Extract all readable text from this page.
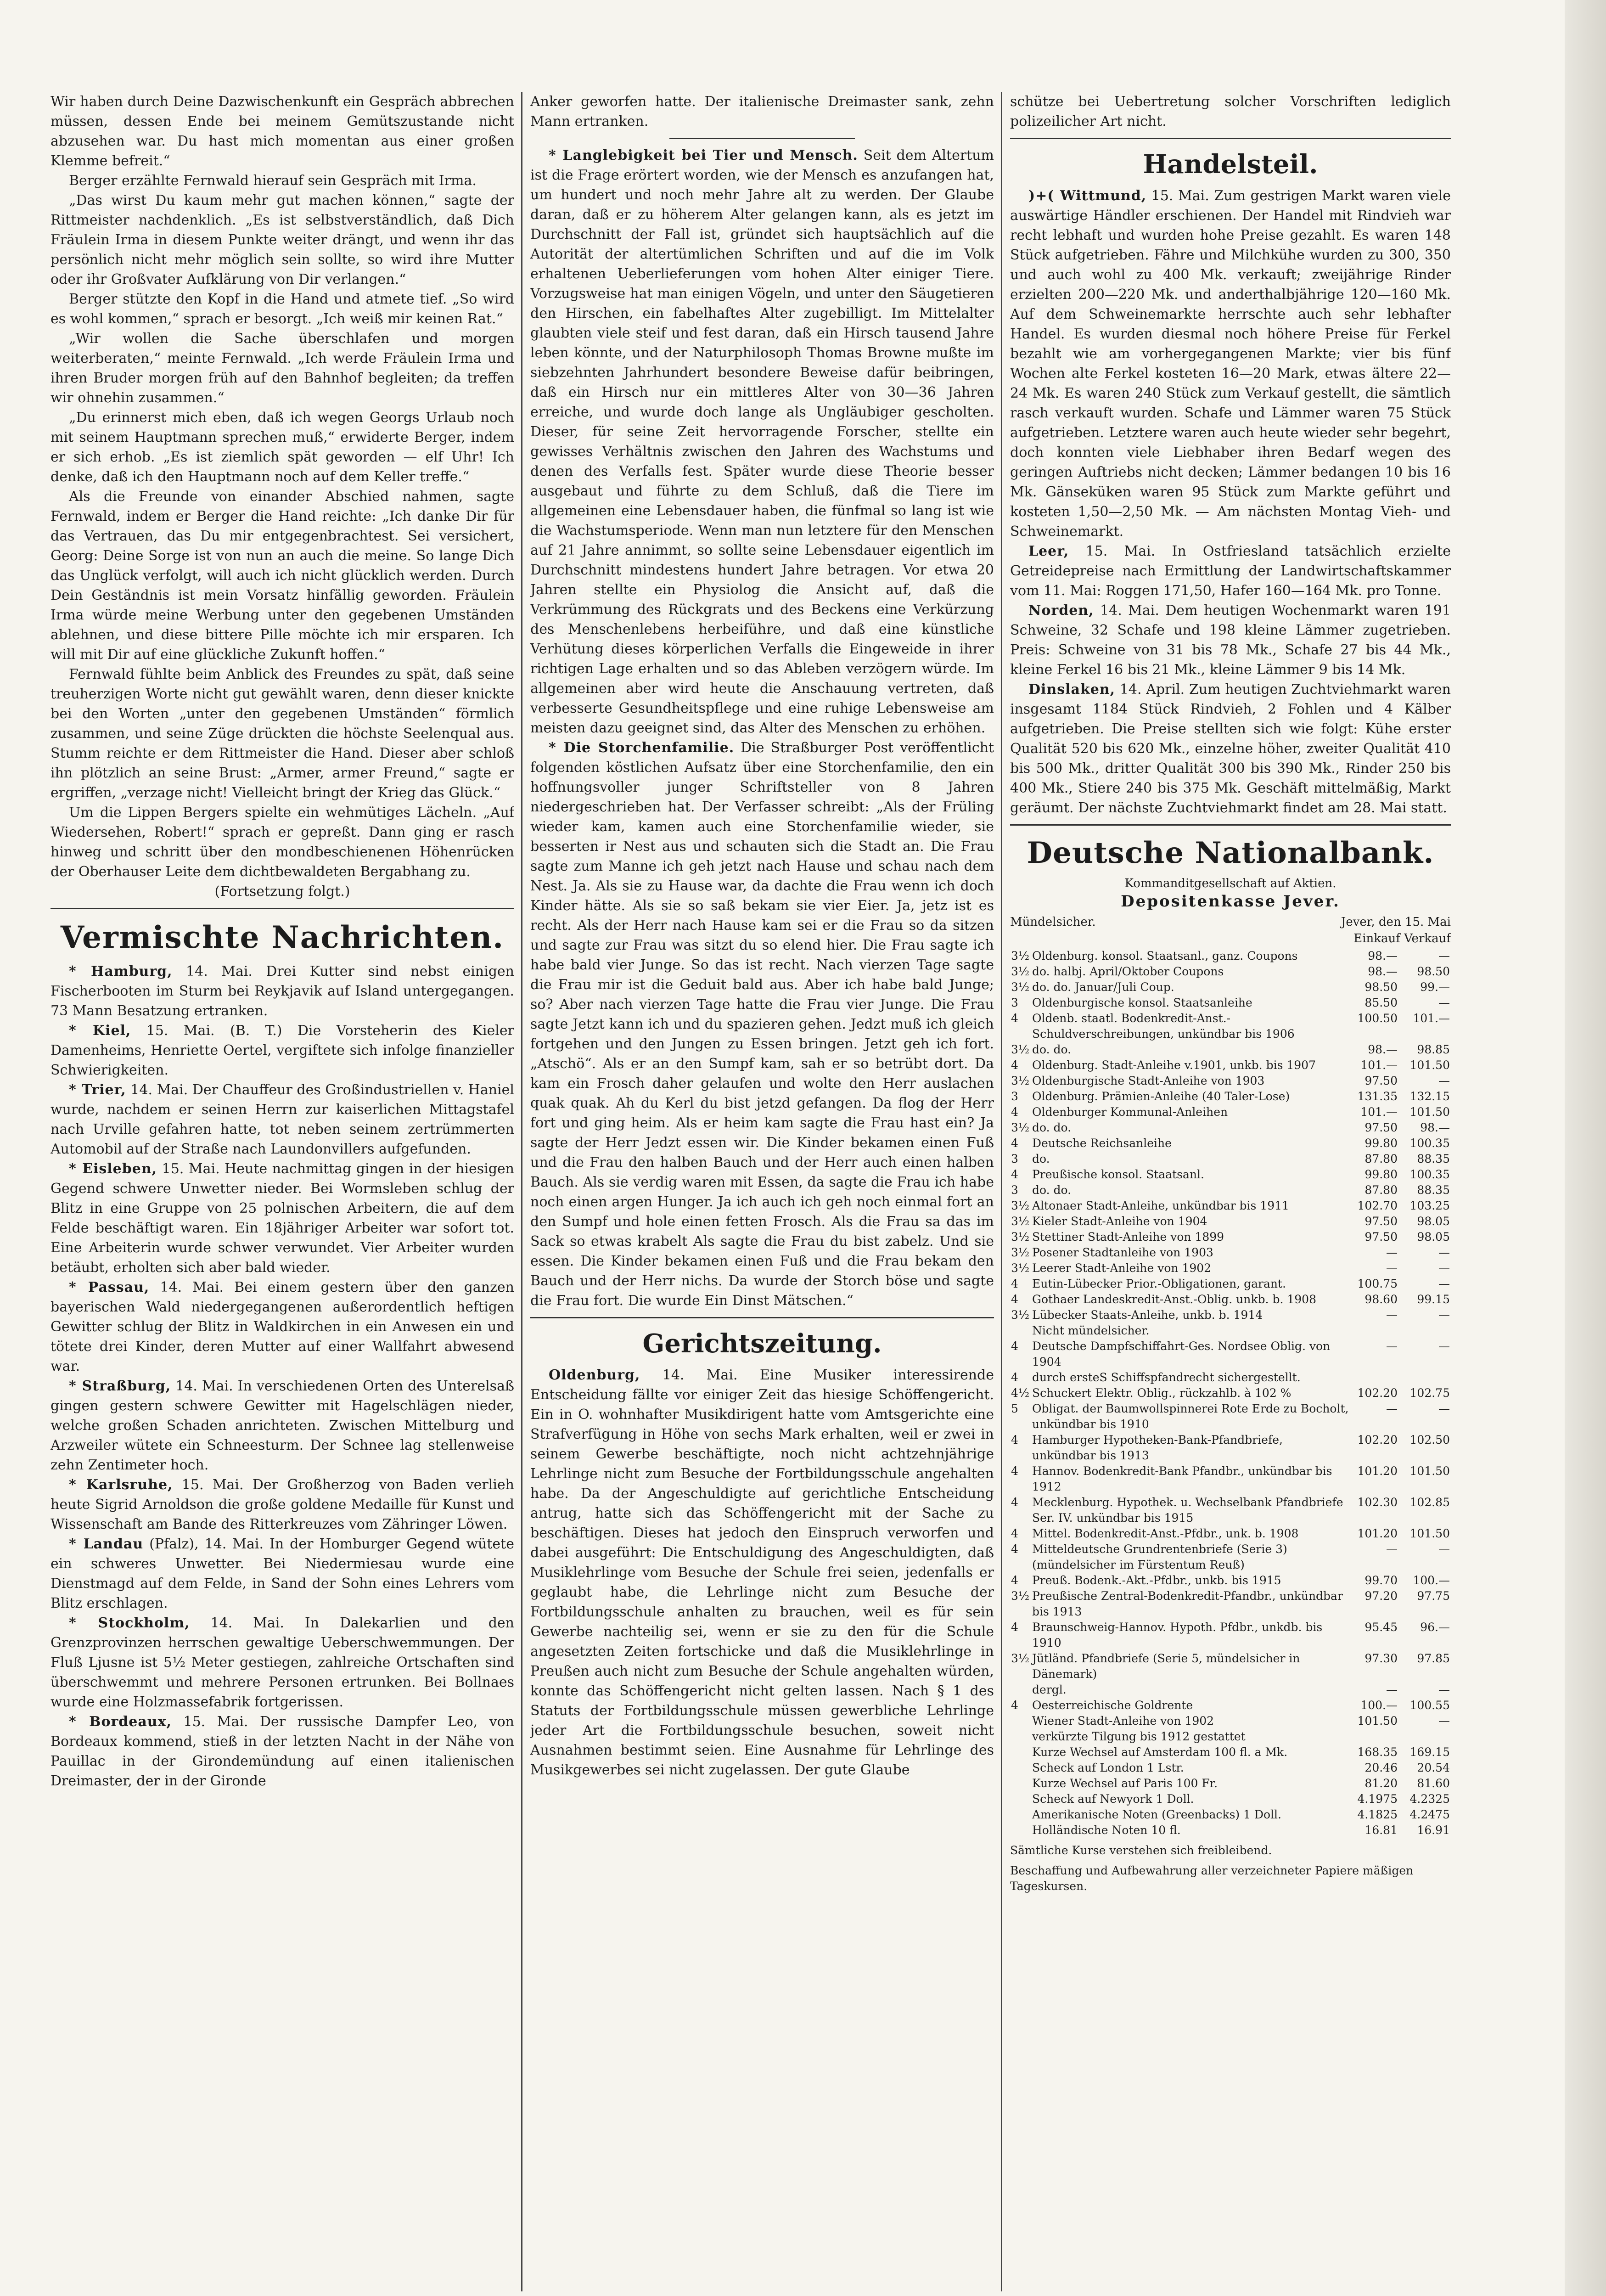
Wir haben durch Deine Dazwischenkunft ein Gespräch abbrechen müssen, dessen Ende bei meinem Gemütszustande nicht abzusehen war. Du hast mich momentan aus einer großen Klemme befreit.“

Berger erzählte Fernwald hierauf sein Gespräch mit Irma.

„Das wirst Du kaum mehr gut machen können,“ sagte der Rittmeister nachdenklich. „Es ist selbstverständlich, daß Dich Fräulein Irma in diesem Punkte weiter drängt, und wenn ihr das persönlich nicht mehr möglich sein sollte, so wird ihre Mutter oder ihr Großvater Aufklärung von Dir verlangen.“

Berger stützte den Kopf in die Hand und atmete tief. „So wird es wohl kommen,“ sprach er besorgt. „Ich weiß mir keinen Rat.“

„Wir wollen die Sache überschlafen und morgen weiterberaten,“ meinte Fernwald. „Ich werde Fräulein Irma und ihren Bruder morgen früh auf den Bahnhof begleiten; da treffen wir ohnehin zusammen.“

„Du erinnerst mich eben, daß ich wegen Georgs Urlaub noch mit seinem Hauptmann sprechen muß,“ erwiderte Berger, indem er sich erhob. „Es ist ziemlich spät geworden — elf Uhr! Ich denke, daß ich den Hauptmann noch auf dem Keller treffe.“

Als die Freunde von einander Abschied nahmen, sagte Fernwald, indem er Berger die Hand reichte: „Ich danke Dir für das Vertrauen, das Du mir entgegenbrachtest. Sei versichert, Georg: Deine Sorge ist von nun an auch die meine. So lange Dich das Unglück verfolgt, will auch ich nicht glücklich werden. Durch Dein Geständnis ist mein Vorsatz hinfällig geworden. Fräulein Irma würde meine Werbung unter den gegebenen Umständen ablehnen, und diese bittere Pille möchte ich mir ersparen. Ich will mit Dir auf eine glückliche Zukunft hoffen.“

Fernwald fühlte beim Anblick des Freundes zu spät, daß seine treuherzigen Worte nicht gut gewählt waren, denn dieser knickte bei den Worten „unter den gegebenen Umständen“ förmlich zusammen, und seine Züge drückten die höchste Seelenqual aus. Stumm reichte er dem Rittmeister die Hand. Dieser aber schloß ihn plötzlich an seine Brust: „Armer, armer Freund,“ sagte er ergriffen, „verzage nicht! Vielleicht bringt der Krieg das Glück.“

Um die Lippen Bergers spielte ein wehmütiges Lächeln. „Auf Wiedersehen, Robert!“ sprach er gepreßt. Dann ging er rasch hinweg und schritt über den mondbeschienenen Höhenrücken der Oberhauser Leite dem dichtbewaldeten Bergabhang zu.

(Fortsetzung folgt.)

Vermischte Nachrichten.

* Hamburg, 14. Mai. Drei Kutter sind nebst einigen Fischerbooten im Sturm bei Reykjavik auf Island untergegangen. 73 Mann Besatzung ertranken.

* Kiel, 15. Mai. (B. T.) Die Vorsteherin des Kieler Damenheims, Henriette Oertel, vergiftete sich infolge finanzieller Schwierigkeiten.

* Trier, 14. Mai. Der Chauffeur des Großindustriellen v. Haniel wurde, nachdem er seinen Herrn zur kaiserlichen Mittagstafel nach Urville gefahren hatte, tot neben seinem zertrümmerten Automobil auf der Straße nach Laundonvillers aufgefunden.

* Eisleben, 15. Mai. Heute nachmittag gingen in der hiesigen Gegend schwere Unwetter nieder. Bei Wormsleben schlug der Blitz in eine Gruppe von 25 polnischen Arbeitern, die auf dem Felde beschäftigt waren. Ein 18jähriger Arbeiter war sofort tot. Eine Arbeiterin wurde schwer verwundet. Vier Arbeiter wurden betäubt, erholten sich aber bald wieder.

* Passau, 14. Mai. Bei einem gestern über den ganzen bayerischen Wald niedergegangenen außerordentlich heftigen Gewitter schlug der Blitz in Waldkirchen in ein Anwesen ein und tötete drei Kinder, deren Mutter auf einer Wallfahrt abwesend war.

* Straßburg, 14. Mai. In verschiedenen Orten des Unterelsaß gingen gestern schwere Gewitter mit Hagelschlägen nieder, welche großen Schaden anrichteten. Zwischen Mittelburg und Arzweiler wütete ein Schneesturm. Der Schnee lag stellenweise zehn Zentimeter hoch.

* Karlsruhe, 15. Mai. Der Großherzog von Baden verlieh heute Sigrid Arnoldson die große goldene Medaille für Kunst und Wissenschaft am Bande des Ritterkreuzes vom Zähringer Löwen.

* Landau (Pfalz), 14. Mai. In der Homburger Gegend wütete ein schweres Unwetter. Bei Niedermiesau wurde eine Dienstmagd auf dem Felde, in Sand der Sohn eines Lehrers vom Blitz erschlagen.

* Stockholm, 14. Mai. In Dalekarlien und den Grenzprovinzen herrschen gewaltige Ueberschwemmungen. Der Fluß Ljusne ist 5½ Meter gestiegen, zahlreiche Ortschaften sind überschwemmt und mehrere Personen ertrunken. Bei Bollnaes wurde eine Holzmassefabrik fortgerissen.

* Bordeaux, 15. Mai. Der russische Dampfer Leo, von Bordeaux kommend, stieß in der letzten Nacht in der Nähe von Pauillac in der Girondemündung auf einen italienischen Dreimaster, der in der Gironde

Anker geworfen hatte. Der italienische Dreimaster sank, zehn Mann ertranken.

* Langlebigkeit bei Tier und Mensch. Seit dem Altertum ist die Frage erörtert worden, wie der Mensch es anzufangen hat, um hundert und noch mehr Jahre alt zu werden. Der Glaube daran, daß er zu höherem Alter gelangen kann, als es jetzt im Durchschnitt der Fall ist, gründet sich hauptsächlich auf die Autorität der altertümlichen Schriften und auf die im Volk erhaltenen Ueberlieferungen vom hohen Alter einiger Tiere. Vorzugsweise hat man einigen Vögeln, und unter den Säugetieren den Hirschen, ein fabelhaftes Alter zugebilligt. Im Mittelalter glaubten viele steif und fest daran, daß ein Hirsch tausend Jahre leben könnte, und der Naturphilosoph Thomas Browne mußte im siebzehnten Jahrhundert besondere Beweise dafür beibringen, daß ein Hirsch nur ein mittleres Alter von 30—36 Jahren erreiche, und wurde doch lange als Ungläubiger gescholten. Dieser, für seine Zeit hervorragende Forscher, stellte ein gewisses Verhältnis zwischen den Jahren des Wachstums und denen des Verfalls fest. Später wurde diese Theorie besser ausgebaut und führte zu dem Schluß, daß die Tiere im allgemeinen eine Lebensdauer haben, die fünfmal so lang ist wie die Wachstumsperiode. Wenn man nun letztere für den Menschen auf 21 Jahre annimmt, so sollte seine Lebensdauer eigentlich im Durchschnitt mindestens hundert Jahre betragen. Vor etwa 20 Jahren stellte ein Physiolog die Ansicht auf, daß die Verkrümmung des Rückgrats und des Beckens eine Verkürzung des Menschenlebens herbeiführe, und daß eine künstliche Verhütung dieses körperlichen Verfalls die Eingeweide in ihrer richtigen Lage erhalten und so das Ableben verzögern würde. Im allgemeinen aber wird heute die Anschauung vertreten, daß verbesserte Gesundheitspflege und eine ruhige Lebensweise am meisten dazu geeignet sind, das Alter des Menschen zu erhöhen.

* Die Storchenfamilie. Die Straßburger Post veröffentlicht folgenden köstlichen Aufsatz über eine Storchenfamilie, den ein hoffnungsvoller junger Schriftsteller von 8 Jahren niedergeschrieben hat. Der Verfasser schreibt: „Als der Früling wieder kam, kamen auch eine Storchenfamilie wieder, sie besserten ir Nest aus und schauten sich die Stadt an. Die Frau sagte zum Manne ich geh jetzt nach Hause und schau nach dem Nest. Ja. Als sie zu Hause war, da dachte die Frau wenn ich doch Kinder hätte. Als sie so saß bekam sie vier Eier. Ja, jetz ist es recht. Als der Herr nach Hause kam sei er die Frau so da sitzen und sagte zur Frau was sitzt du so elend hier. Die Frau sagte ich habe bald vier Junge. So das ist recht. Nach vierzen Tage sagte die Frau mir ist die Geduit bald aus. Aber ich habe bald Junge; so? Aber nach vierzen Tage hatte die Frau vier Junge. Die Frau sagte Jetzt kann ich und du spazieren gehen. Jedzt muß ich gleich fortgehen und den Jungen zu Essen bringen. Jetzt geh ich fort. „Atschö“. Als er an den Sumpf kam, sah er so betrübt dort. Da kam ein Frosch daher gelaufen und wolte den Herr auslachen quak quak. Ah du Kerl du bist jetzd gefangen. Da flog der Herr fort und ging heim. Als er heim kam sagte die Frau hast ein? Ja sagte der Herr Jedzt essen wir. Die Kinder bekamen einen Fuß und die Frau den halben Bauch und der Herr auch einen halben Bauch. Als sie verdig waren mit Essen, da sagte die Frau ich habe noch einen argen Hunger. Ja ich auch ich geh noch einmal fort an den Sumpf und hole einen fetten Frosch. Als die Frau sa das im Sack so etwas krabelt Als sagte die Frau du bist zabelz. Und sie essen. Die Kinder bekamen einen Fuß und die Frau bekam den Bauch und der Herr nichs. Da wurde der Storch böse und sagte die Frau fort. Die wurde Ein Dinst Mätschen.“

Gerichtszeitung.

Oldenburg, 14. Mai. Eine Musiker interessirende Entscheidung fällte vor einiger Zeit das hiesige Schöffengericht. Ein in O. wohnhafter Musikdirigent hatte vom Amtsgerichte eine Strafverfügung in Höhe von sechs Mark erhalten, weil er zwei in seinem Gewerbe beschäftigte, noch nicht achtzehnjährige Lehrlinge nicht zum Besuche der Fortbildungsschule angehalten habe. Da der Angeschuldigte auf gerichtliche Entscheidung antrug, hatte sich das Schöffengericht mit der Sache zu beschäftigen. Dieses hat jedoch den Einspruch verworfen und dabei ausgeführt: Die Entschuldigung des Angeschuldigten, daß Musiklehrlinge vom Besuche der Schule frei seien, jedenfalls er geglaubt habe, die Lehrlinge nicht zum Besuche der Fortbildungsschule anhalten zu brauchen, weil es für sein Gewerbe nachteilig sei, wenn er sie zu den für die Schule angesetzten Zeiten fortschicke und daß die Musiklehrlinge in Preußen auch nicht zum Besuche der Schule angehalten würden, konnte das Schöffengericht nicht gelten lassen. Nach § 1 des Statuts der Fortbildungsschule müssen gewerbliche Lehrlinge jeder Art die Fortbildungsschule besuchen, soweit nicht Ausnahmen bestimmt seien. Eine Ausnahme für Lehrlinge des Musikgewerbes sei nicht zugelassen. Der gute Glaube

schütze bei Uebertretung solcher Vorschriften lediglich polizeilicher Art nicht.

Handelsteil.

)+( Wittmund, 15. Mai. Zum gestrigen Markt waren viele auswärtige Händler erschienen. Der Handel mit Rindvieh war recht lebhaft und wurden hohe Preise gezahlt. Es waren 148 Stück aufgetrieben. Fähre und Milchkühe wurden zu 300, 350 und auch wohl zu 400 Mk. verkauft; zweijährige Rinder erzielten 200—220 Mk. und anderthalbjährige 120—160 Mk. Auf dem Schweinemarkte herrschte auch sehr lebhafter Handel. Es wurden diesmal noch höhere Preise für Ferkel bezahlt wie am vorhergegangenen Markte; vier bis fünf Wochen alte Ferkel kosteten 16—20 Mark, etwas ältere 22—24 Mk. Es waren 240 Stück zum Verkauf gestellt, die sämtlich rasch verkauft wurden. Schafe und Lämmer waren 75 Stück aufgetrieben. Letztere waren auch heute wieder sehr begehrt, doch konnten viele Liebhaber ihren Bedarf wegen des geringen Auftriebs nicht decken; Lämmer bedangen 10 bis 16 Mk. Gänseküken waren 95 Stück zum Markte geführt und kosteten 1,50—2,50 Mk. — Am nächsten Montag Vieh- und Schweinemarkt.

Leer, 15. Mai. In Ostfriesland tatsächlich erzielte Getreidepreise nach Ermittlung der Landwirtschaftskammer vom 11. Mai: Roggen 171,50, Hafer 160—164 Mk. pro Tonne.

Norden, 14. Mai. Dem heutigen Wochenmarkt waren 191 Schweine, 32 Schafe und 198 kleine Lämmer zugetrieben. Preis: Schweine von 31 bis 78 Mk., Schafe 27 bis 44 Mk., kleine Ferkel 16 bis 21 Mk., kleine Lämmer 9 bis 14 Mk.

Dinslaken, 14. April. Zum heutigen Zuchtviehmarkt waren insgesamt 1184 Stück Rindvieh, 2 Fohlen und 4 Kälber aufgetrieben. Die Preise stellten sich wie folgt: Kühe erster Qualität 520 bis 620 Mk., einzelne höher, zweiter Qualität 410 bis 500 Mk., dritter Qualität 300 bis 390 Mk., Rinder 250 bis 400 Mk., Stiere 240 bis 375 Mk. Geschäft mittelmäßig, Markt geräumt. Der nächste Zuchtviehmarkt findet am 28. Mai statt.

Deutsche Nationalbank.
Kommanditgesellschaft auf Aktien.
Depositenkasse Jever.
Mündelsicher.	Jever, den 15. Mai
Einkauf Verkauf
3½	Oldenburg. konsol. Staatsanl., ganz. Coupons	98.—	—
3½	do. halbj. April/Oktober Coupons	98.—	98.50
3½	do. do. Januar/Juli Coup.	98.50	99.—
3	Oldenburgische konsol. Staatsanleihe	85.50	—
4	Oldenb. staatl. Bodenkredit-Anst.-Schuldverschreibungen, unkündbar bis 1906	100.50	101.—
3½	do. do.	98.—	98.85
4	Oldenburg. Stadt-Anleihe v.1901, unkb. bis 1907	101.—	101.50
3½	Oldenburgische Stadt-Anleihe von 1903	97.50	—
3	Oldenburg. Prämien-Anleihe (40 Taler-Lose)	131.35	132.15
4	Oldenburger Kommunal-Anleihen	101.—	101.50
3½	do. do.	97.50	98.—
4	Deutsche Reichsanleihe	99.80	100.35
3	do.	87.80	88.35
4	Preußische konsol. Staatsanl.	99.80	100.35
3	do. do.	87.80	88.35
3½	Altonaer Stadt-Anleihe, unkündbar bis 1911	102.70	103.25
3½	Kieler Stadt-Anleihe von 1904	97.50	98.05
3½	Stettiner Stadt-Anleihe von 1899	97.50	98.05
3½	Posener Stadtanleihe von 1903	—	—
3½	Leerer Stadt-Anleihe von 1902	—	—
4	Eutin-Lübecker Prior.-Obligationen, garant.	100.75	—
4	Gothaer Landeskredit-Anst.-Oblig. unkb. b. 1908	98.60	99.15
3½	Lübecker Staats-Anleihe, unkb. b. 1914	—	—
	Nicht mündelsicher.		
4	Deutsche Dampfschiffahrt-Ges. Nordsee Oblig. von 1904	—	—
4	durch ersteS Schiffspfandrecht sichergestellt.		
4½	Schuckert Elektr. Oblig., rückzahlb. à 102 %	102.20	102.75
5	Obligat. der Baumwollspinnerei Rote Erde zu Bocholt, unkündbar bis 1910	—	—
4	Hamburger Hypotheken-Bank-Pfandbriefe, unkündbar bis 1913	102.20	102.50
4	Hannov. Bodenkredit-Bank Pfandbr., unkündbar bis 1912	101.20	101.50
4	Mecklenburg. Hypothek. u. Wechselbank Pfandbriefe Ser. IV. unkündbar bis 1915	102.30	102.85
4	Mittel. Bodenkredit-Anst.-Pfdbr., unk. b. 1908	101.20	101.50
4	Mitteldeutsche Grundrentenbriefe (Serie 3)	—	—
	(mündelsicher im Fürstentum Reuß)		
4	Preuß. Bodenk.-Akt.-Pfdbr., unkb. bis 1915	99.70	100.—
3½	Preußische Zentral-Bodenkredit-Pfandbr., unkündbar bis 1913	97.20	97.75
4	Braunschweig-Hannov. Hypoth. Pfdbr., unkdb. bis 1910	95.45	96.—
3½	Jütländ. Pfandbriefe (Serie 5, mündelsicher in Dänemark)	97.30	97.85
	dergl.	—	—
4	Oesterreichische Goldrente	100.—	100.55
	Wiener Stadt-Anleihe von 1902	101.50	—
	verkürzte Tilgung bis 1912 gestattet		
	Kurze Wechsel auf Amsterdam 100 fl. a Mk.	168.35	169.15
	Scheck auf London 1 Lstr.	20.46	20.54
	Kurze Wechsel auf Paris 100 Fr.	81.20	81.60
	Scheck auf Newyork 1 Doll.	4.1975	4.2325
	Amerikanische Noten (Greenbacks) 1 Doll.	4.1825	4.2475
	Holländische Noten 10 fl.	16.81	16.91
Sämtliche Kurse verstehen sich freibleibend.
Beschaffung und Aufbewahrung aller verzeichneter Papiere mäßigen Tageskursen.
